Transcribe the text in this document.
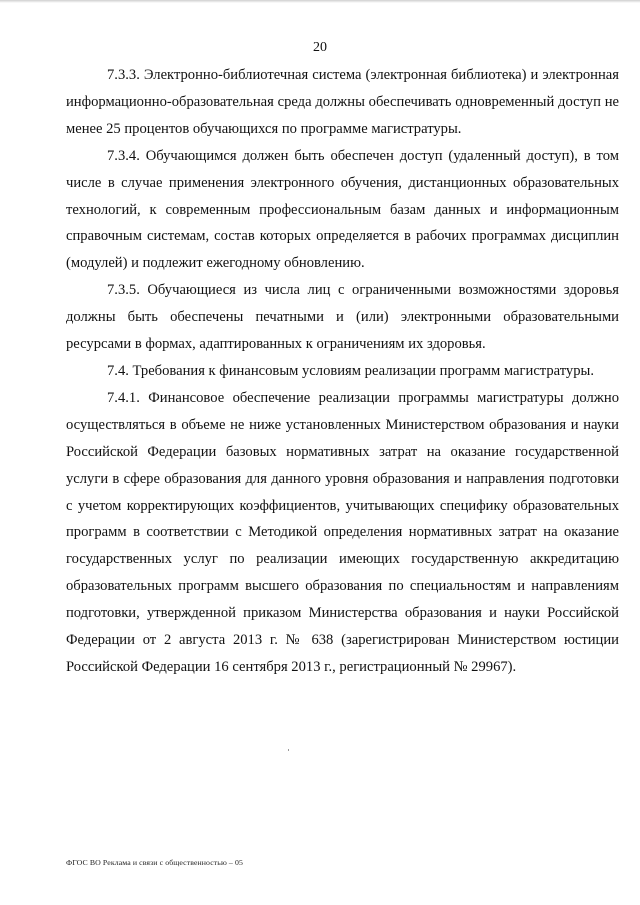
20

7.3.3. Электронно-библиотечная система (электронная библиотека) и электронная информационно-образовательная среда должны обеспечивать одновременный доступ не менее 25 процентов обучающихся по программе магистратуры.

7.3.4. Обучающимся должен быть обеспечен доступ (удаленный доступ), в том числе в случае применения электронного обучения, дистанционных образовательных технологий, к современным профессиональным базам данных и информационным справочным системам, состав которых определяется в рабочих программах дисциплин (модулей) и подлежит ежегодному обновлению.

7.3.5. Обучающиеся из числа лиц с ограниченными возможностями здоровья должны быть обеспечены печатными и (или) электронными образовательными ресурсами в формах, адаптированных к ограничениям их здоровья.

7.4. Требования к финансовым условиям реализации программ магистратуры.

7.4.1. Финансовое обеспечение реализации программы магистратуры должно осуществляться в объеме не ниже установленных Министерством образования и науки Российской Федерации базовых нормативных затрат на оказание государственной услуги в сфере образования для данного уровня образования и направления подготовки с учетом корректирующих коэффициентов, учитывающих специфику образовательных программ в соответствии с Методикой определения нормативных затрат на оказание государственных услуг по реализации имеющих государственную аккредитацию образовательных программ высшего образования по специальностям и направлениям подготовки, утвержденной приказом Министерства образования и науки Российской Федерации от 2 августа 2013 г. № 638 (зарегистрирован Министерством юстиции Российской Федерации 16 сентября 2013 г., регистрационный № 29967).

ФГОС ВО Реклама и связи с общественностью – 05
